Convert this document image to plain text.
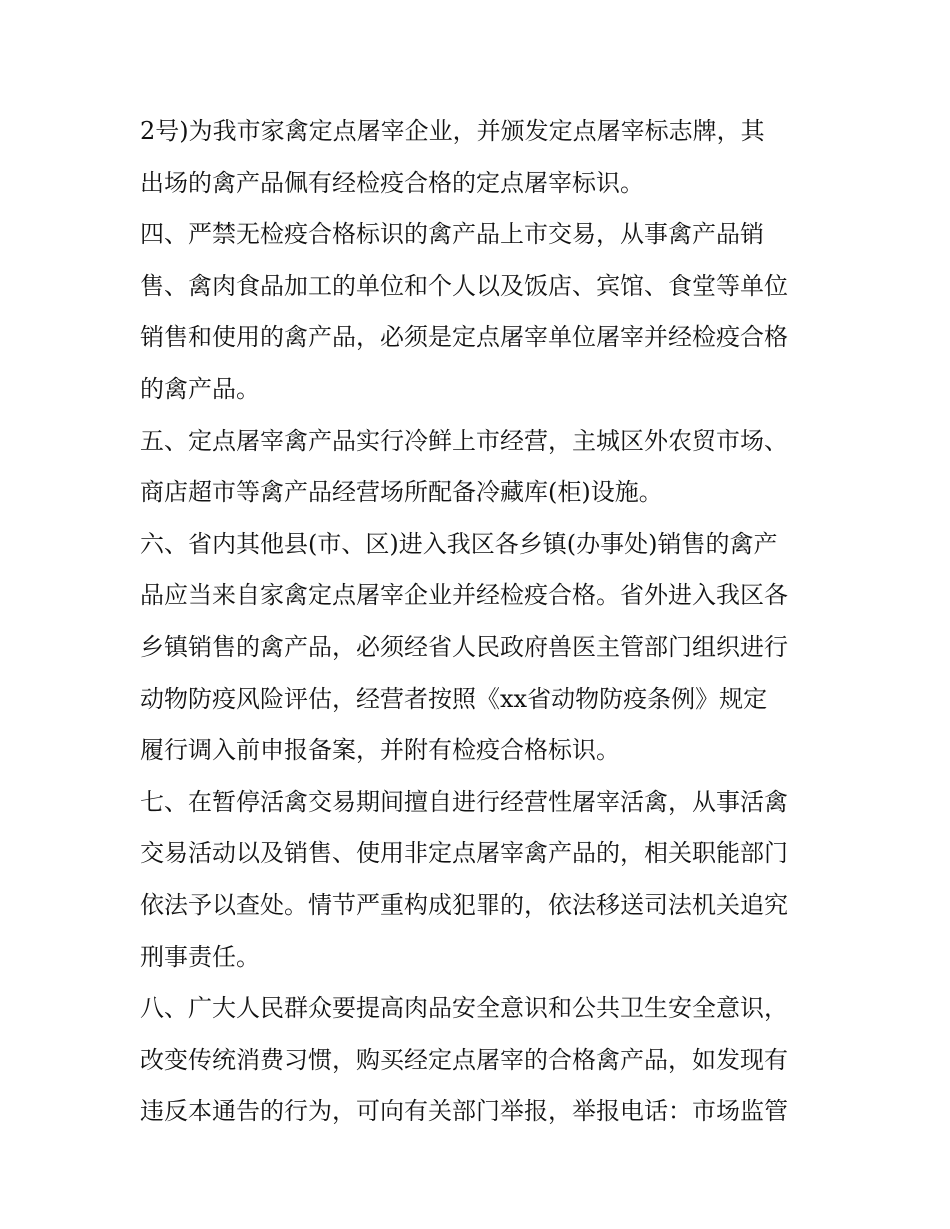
2号)为我市家禽定点屠宰企业，并颁发定点屠宰标志牌，其
出场的禽产品佩有经检疫合格的定点屠宰标识。
四、严禁无检疫合格标识的禽产品上市交易，从事禽产品销
售、禽肉食品加工的单位和个人以及饭店、宾馆、食堂等单位
销售和使用的禽产品，必须是定点屠宰单位屠宰并经检疫合格
的禽产品。
五、定点屠宰禽产品实行冷鲜上市经营，主城区外农贸市场、
商店超市等禽产品经营场所配备冷藏库(柜)设施。
六、省内其他县(市、区)进入我区各乡镇(办事处)销售的禽产
品应当来自家禽定点屠宰企业并经检疫合格。省外进入我区各
乡镇销售的禽产品，必须经省人民政府兽医主管部门组织进行
动物防疫风险评估，经营者按照《xx省动物防疫条例》规定
履行调入前申报备案，并附有检疫合格标识。
七、在暂停活禽交易期间擅自进行经营性屠宰活禽，从事活禽
交易活动以及销售、使用非定点屠宰禽产品的，相关职能部门
依法予以查处。情节严重构成犯罪的，依法移送司法机关追究
刑事责任。
八、广大人民群众要提高肉品安全意识和公共卫生安全意识，
改变传统消费习惯，购买经定点屠宰的合格禽产品，如发现有
违反本通告的行为，可向有关部门举报，举报电话：市场监管
